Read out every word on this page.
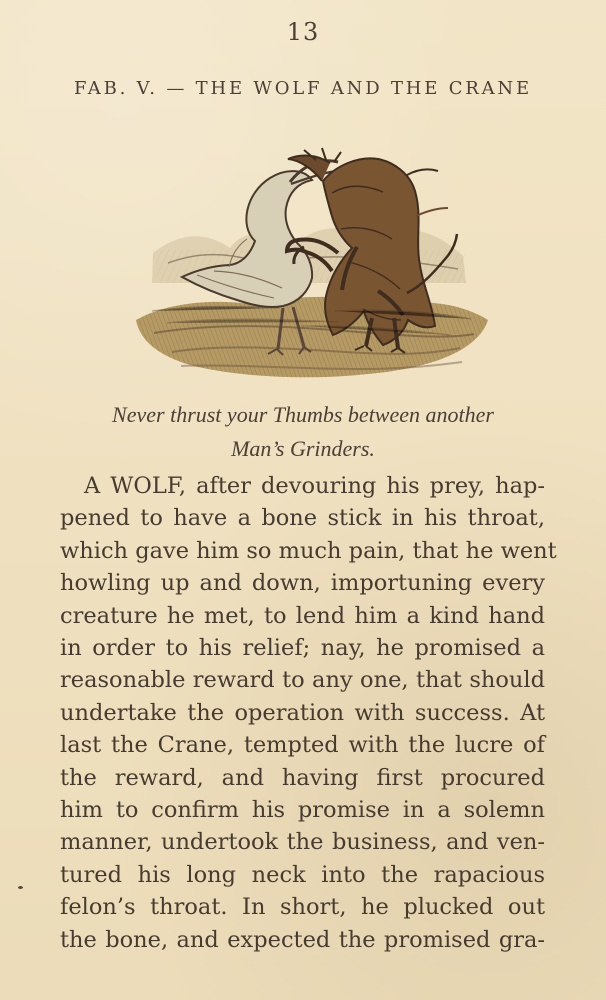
13
FAB. V. — THE WOLF AND THE CRANE
Never thrust your Thumbs between another
Man’s Grinders.
A WOLF, after devouring his prey, hap-
pened to have a bone stick in his throat,
which gave him so much pain, that he went
howling up and down, importuning every
creature he met, to lend him a kind hand
in order to his relief; nay, he promised a
reasonable reward to any one, that should
undertake the operation with success. At
last the Crane, tempted with the lucre of
the reward, and having first procured
him to confirm his promise in a solemn
manner, undertook the business, and ven-
tured his long neck into the rapacious
felon’s throat. In short, he plucked out
the bone, and expected the promised gra-
